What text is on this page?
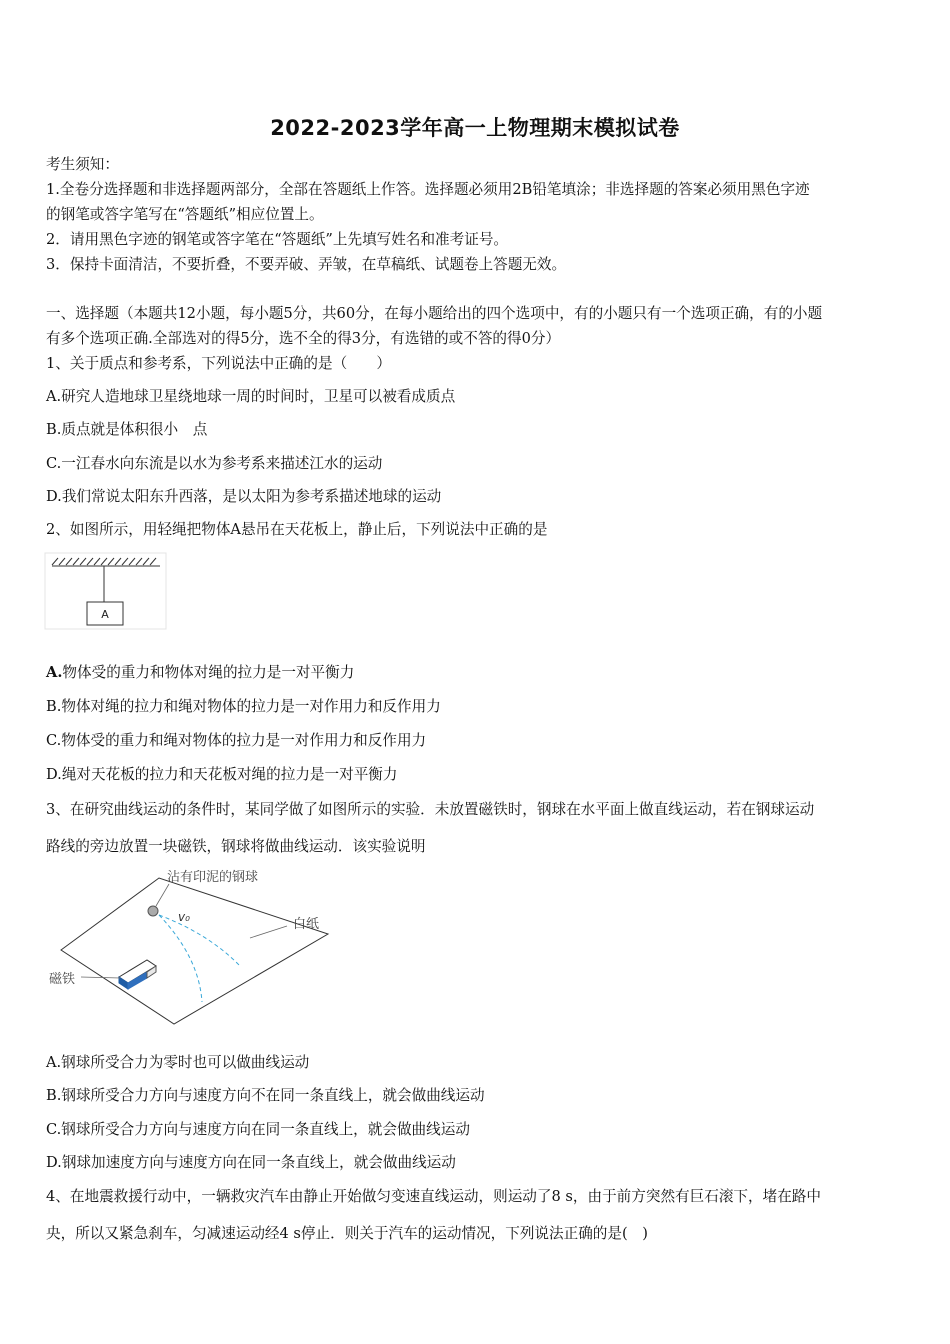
2022-2023学年高一上物理期末模拟试卷
考生须知：
1.全卷分选择题和非选择题两部分，全部在答题纸上作答。选择题必须用2B铅笔填涂；非选择题的答案必须用黑色字迹
的钢笔或答字笔写在“答题纸”相应位置上。
2．请用黑色字迹的钢笔或答字笔在“答题纸”上先填写姓名和准考证号。
3．保持卡面清洁，不要折叠，不要弄破、弄皱，在草稿纸、试题卷上答题无效。
一、选择题（本题共12小题，每小题5分，共60分，在每小题给出的四个选项中，有的小题只有一个选项正确，有的小题
有多个选项正确.全部选对的得5分，选不全的得3分，有选错的或不答的得0分）
1、关于质点和参考系，下列说法中正确的是（　　）
A.研究人造地球卫星绕地球一周的时间时，卫星可以被看成质点
B.质点就是体积很小　点
C.一江春水向东流是以水为参考系来描述江水的运动
D.我们常说太阳东升西落，是以太阳为参考系描述地球的运动
2、如图所示，用轻绳把物体A悬吊在天花板上，静止后，下列说法中正确的是
A
A.物体受的重力和物体对绳的拉力是一对平衡力
B.物体对绳的拉力和绳对物体的拉力是一对作用力和反作用力
C.物体受的重力和绳对物体的拉力是一对作用力和反作用力
D.绳对天花板的拉力和天花板对绳的拉力是一对平衡力
3、在研究曲线运动的条件时，某同学做了如图所示的实验．未放置磁铁时，钢球在水平面上做直线运动，若在钢球运动
路线的旁边放置一块磁铁，钢球将做曲线运动．该实验说明
沾有印泥的钢球
v₀	白纸
磁铁
A.钢球所受合力为零时也可以做曲线运动
B.钢球所受合力方向与速度方向不在同一条直线上，就会做曲线运动
C.钢球所受合力方向与速度方向在同一条直线上，就会做曲线运动
D.钢球加速度方向与速度方向在同一条直线上，就会做曲线运动
4、在地震救援行动中，一辆救灾汽车由静止开始做匀变速直线运动，则运动了8 s，由于前方突然有巨石滚下，堵在路中
央，所以又紧急刹车，匀减速运动经4 s停止．则关于汽车的运动情况，下列说法正确的是(　)
